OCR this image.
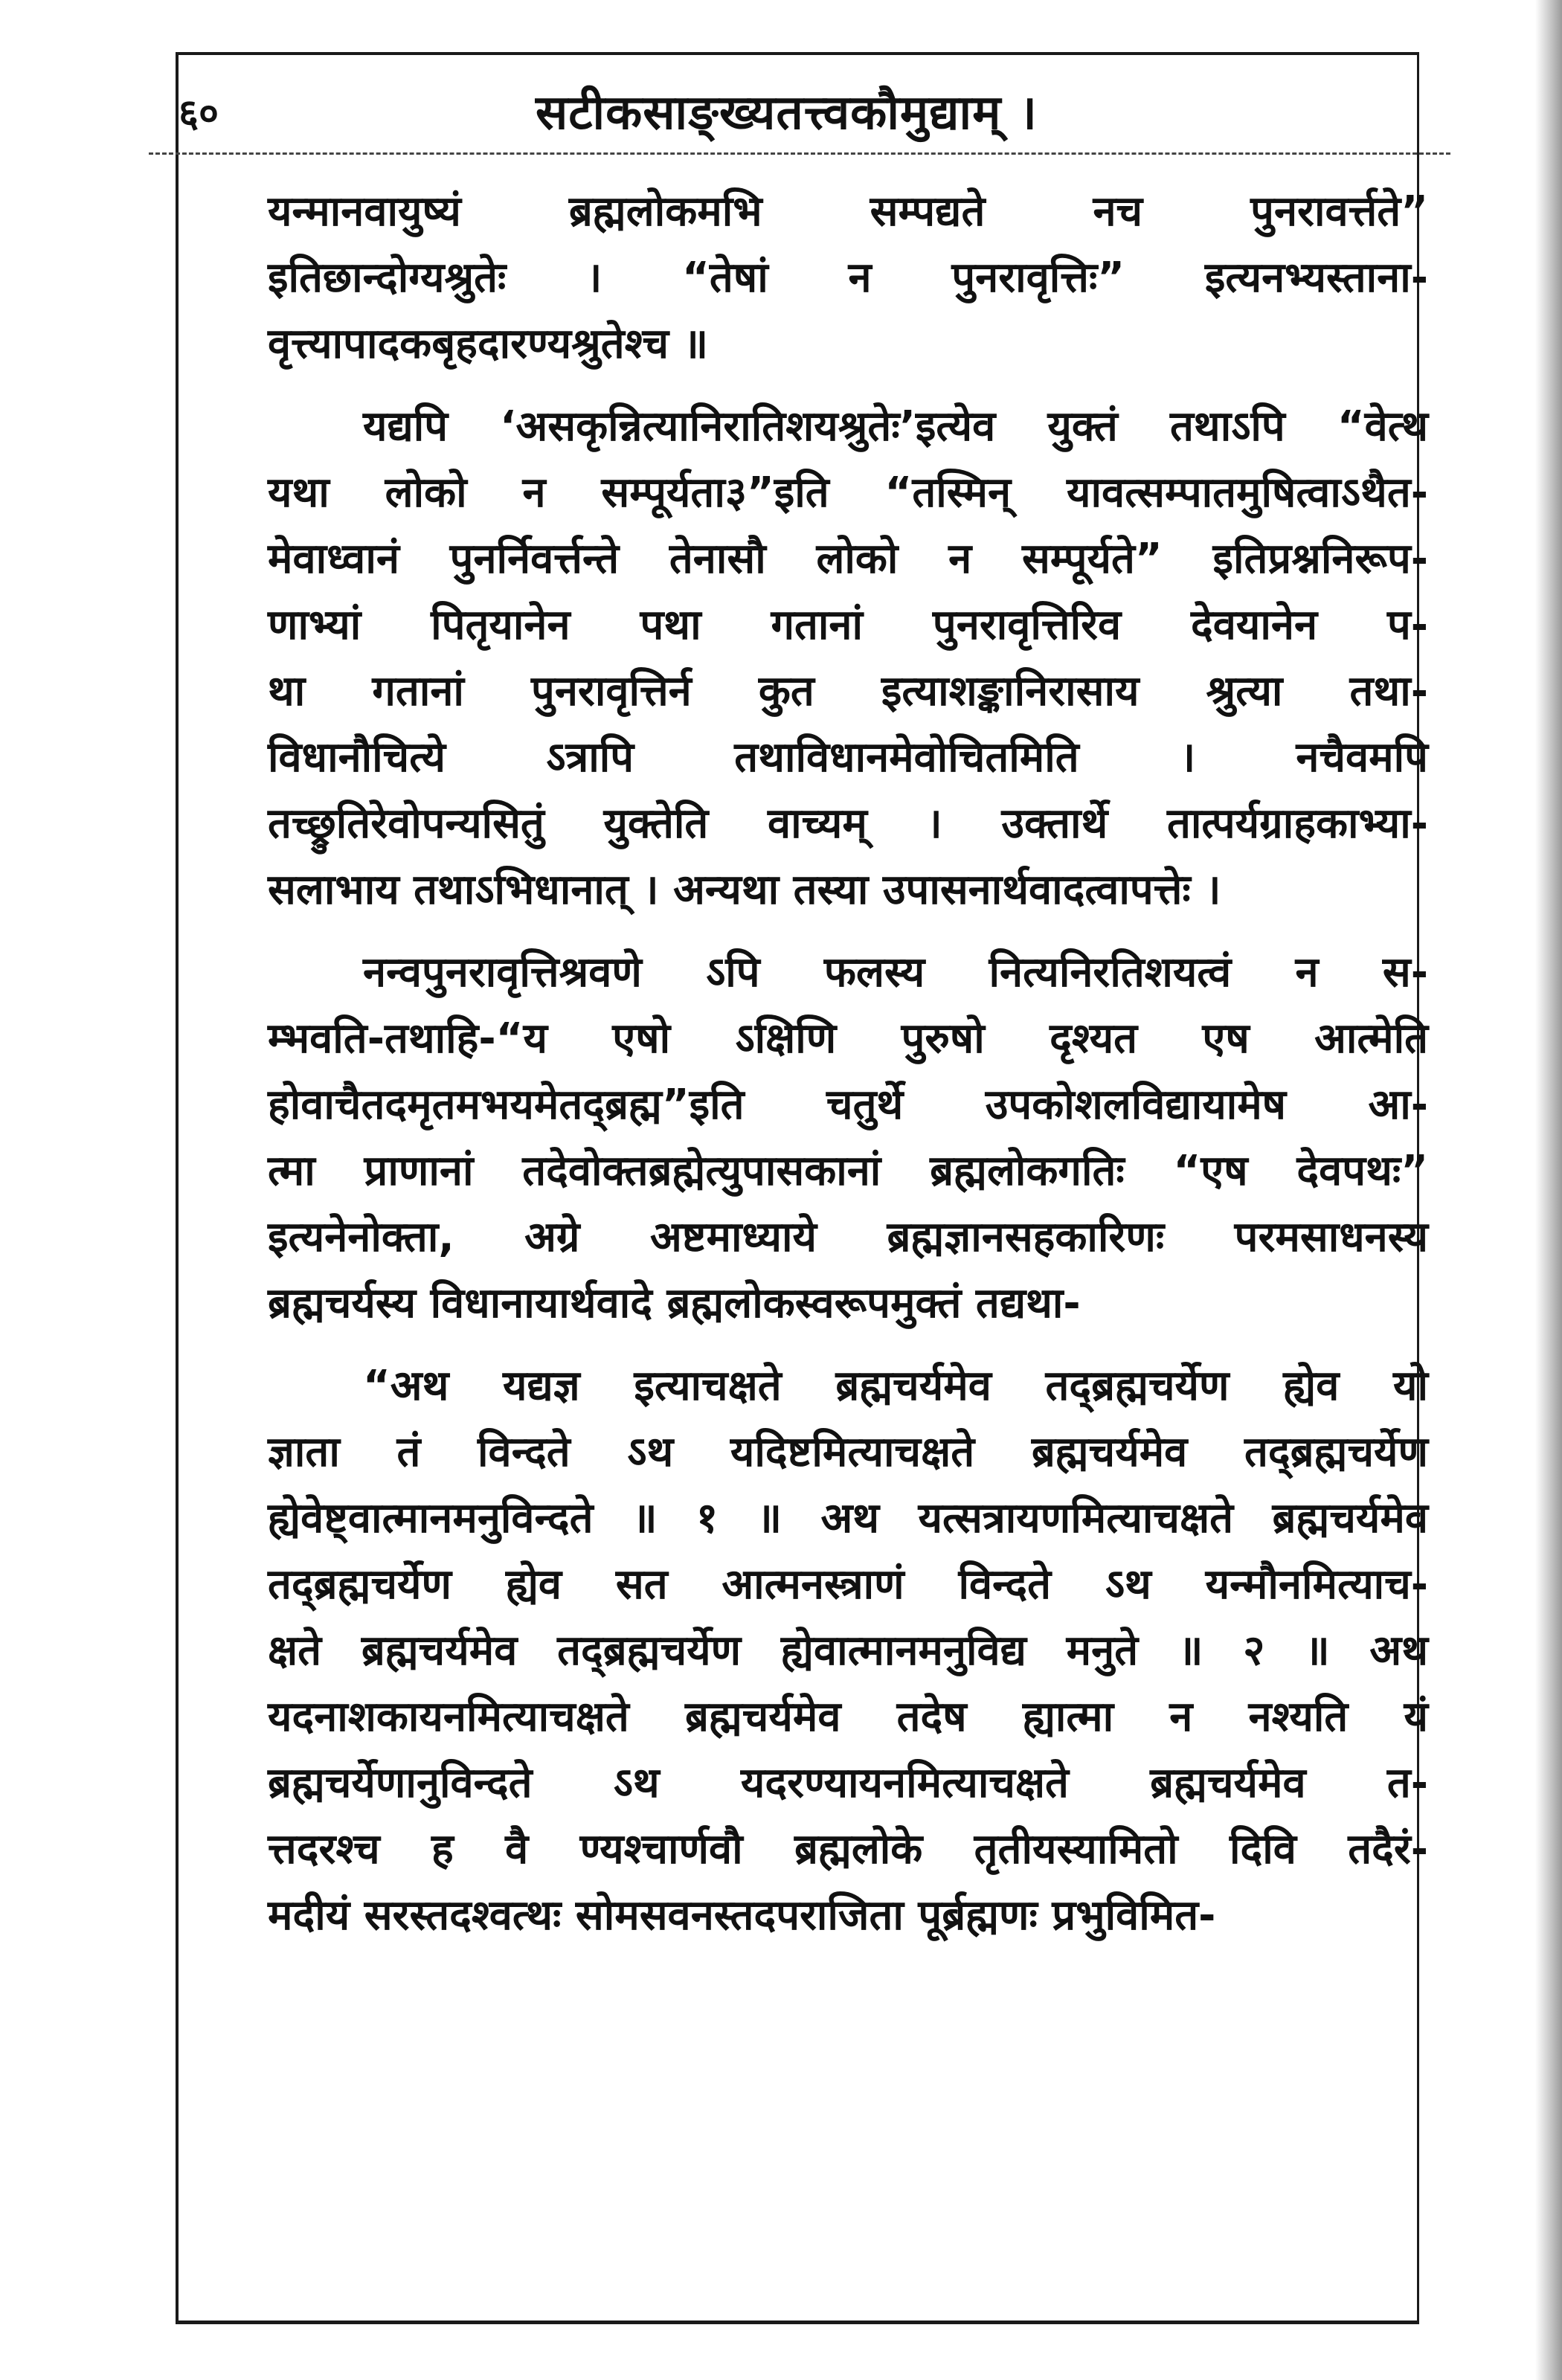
६०	सटीकसाङ्ख्यतत्त्वकौमुद्याम् ।
यन्मानवायुष्यं ब्रह्मलोकमभि सम्पद्यते नच पुनरावर्त्तते”
इतिछान्दोग्यश्रुतेः । “तेषां न पुनरावृत्तिः” इत्यनभ्यस्ताना-
वृत्त्यापादकबृहदारण्यश्रुतेश्च ॥
यद्यपि ‘असकृन्नित्यानिरातिशयश्रुतेः’इत्येव युक्तं तथाऽपि “वेत्थ
यथा लोको न सम्पूर्यता३”इति “तस्मिन् यावत्सम्पातमुषित्वाऽथैत-
मेवाध्वानं पुनर्निवर्त्तन्ते तेनासौ लोको न सम्पूर्यते” इतिप्रश्ननिरूप-
णाभ्यां पितृयानेन पथा गतानां पुनरावृत्तिरिव देवयानेन प-
था गतानां पुनरावृत्तिर्न कुत इत्याशङ्कानिरासाय श्रुत्या तथा-
विधानौचित्ये ऽत्रापि तथाविधानमेवोचितमिति । नचैवमपि
तच्छ्रुतिरेवोपन्यसितुं युक्तेति वाच्यम् । उक्तार्थे तात्पर्यग्राहकाभ्या-
सलाभाय तथाऽभिधानात् । अन्यथा तस्या उपासनार्थवादत्वापत्तेः ।
नन्वपुनरावृत्तिश्रवणे ऽपि फलस्य नित्यनिरतिशयत्वं न स-
म्भवति-तथाहि-“य एषो ऽक्षिणि पुरुषो दृश्यत एष आत्मेति
होवाचैतदमृतमभयमेतद्ब्रह्म”इति चतुर्थे उपकोशलविद्यायामेष आ-
त्मा प्राणानां तदेवोक्तब्रह्मेत्युपासकानां ब्रह्मलोकगतिः “एष देवपथः”
इत्यनेनोक्ता, अग्रे अष्टमाध्याये ब्रह्मज्ञानसहकारिणः परमसाधनस्य
ब्रह्मचर्यस्य विधानायार्थवादे ब्रह्मलोकस्वरूपमुक्तं तद्यथा-
“अथ यद्यज्ञ इत्याचक्षते ब्रह्मचर्यमेव तद्ब्रह्मचर्येण ह्येव यो
ज्ञाता तं विन्दते ऽथ यदिष्टमित्याचक्षते ब्रह्मचर्यमेव तद्ब्रह्मचर्येण
ह्येवेष्ट्वात्मानमनुविन्दते ॥ १ ॥ अथ यत्सत्रायणमित्याचक्षते ब्रह्मचर्यमेव
तद्ब्रह्मचर्येण ह्येव सत आत्मनस्त्राणं विन्दते ऽथ यन्मौनमित्याच-
क्षते ब्रह्मचर्यमेव तद्ब्रह्मचर्येण ह्येवात्मानमनुविद्य मनुते ॥ २ ॥ अथ
यदनाशकायनमित्याचक्षते ब्रह्मचर्यमेव तदेष ह्यात्मा न नश्यति यं
ब्रह्मचर्येणानुविन्दते ऽथ यदरण्यायनमित्याचक्षते ब्रह्मचर्यमेव त-
त्तदरश्च ह वै ण्यश्चार्णवौ ब्रह्मलोके तृतीयस्यामितो दिवि तदैरं-
मदीयं सरस्तदश्वत्थः सोमसवनस्तदपराजिता पूर्ब्रह्मणः प्रभुविमित-
